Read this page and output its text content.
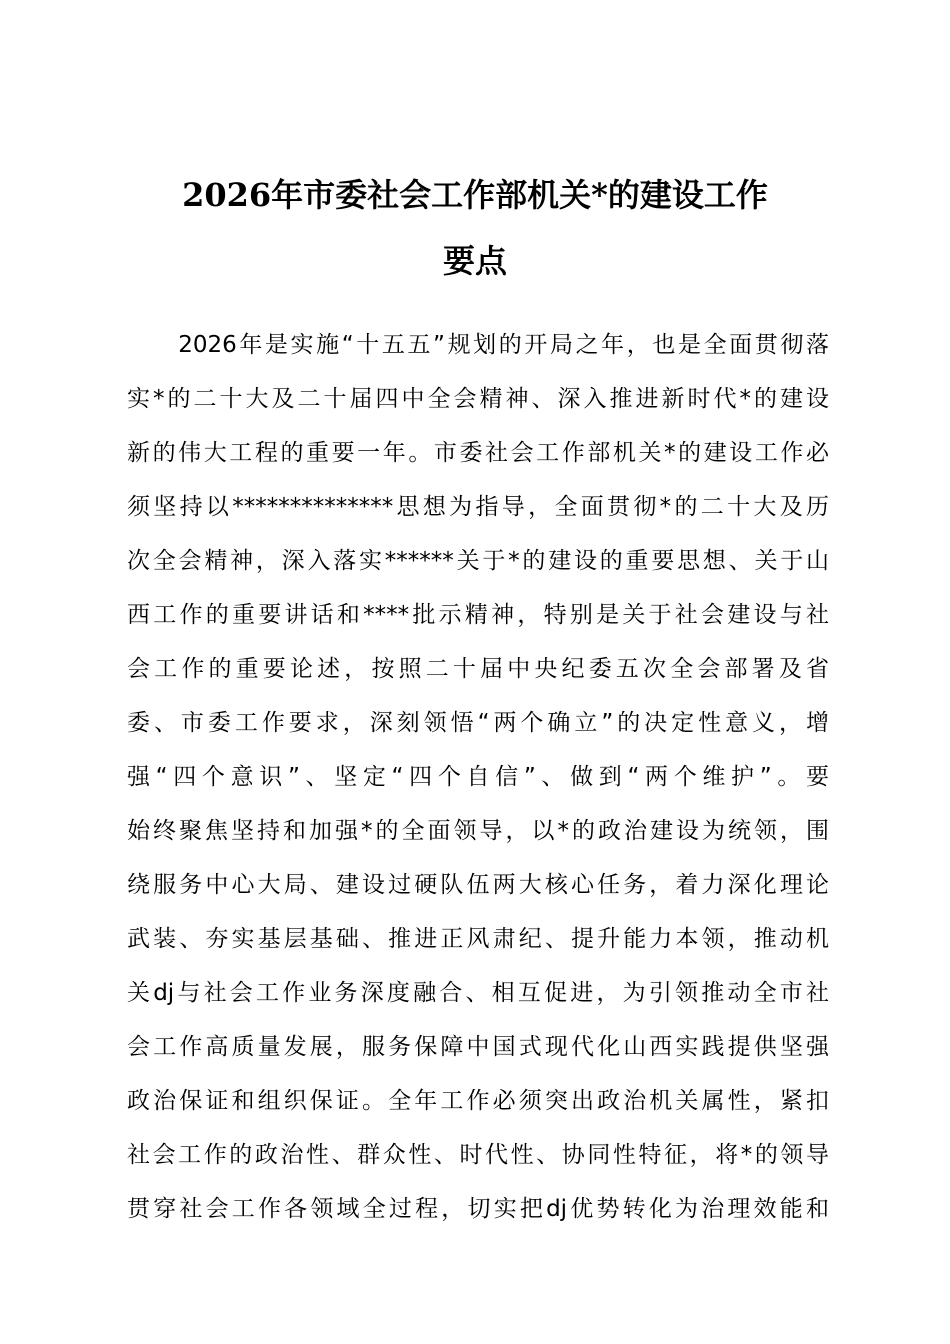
2026年市委社会工作部机关*的建设工作
要点
　　2026年是实施“十五五”规划的开局之年，也是全面贯彻落
实*的二十大及二十届四中全会精神、深入推进新时代*的建设
新的伟大工程的重要一年。市委社会工作部机关*的建设工作必
须坚持以**************思想为指导，全面贯彻*的二十大及历
次全会精神，深入落实******关于*的建设的重要思想、关于山
西工作的重要讲话和****批示精神，特别是关于社会建设与社
会工作的重要论述，按照二十届中央纪委五次全会部署及省
委、市委工作要求，深刻领悟“两个确立”的决定性意义，增
强“四个意识”、坚定“四个自信”、做到“两个维护”。要
始终聚焦坚持和加强*的全面领导，以*的政治建设为统领，围
绕服务中心大局、建设过硬队伍两大核心任务，着力深化理论
武装、夯实基层基础、推进正风肃纪、提升能力本领，推动机
关dj与社会工作业务深度融合、相互促进，为引领推动全市社
会工作高质量发展，服务保障中国式现代化山西实践提供坚强
政治保证和组织保证。全年工作必须突出政治机关属性，紧扣
社会工作的政治性、群众性、时代性、协同性特征，将*的领导
贯穿社会工作各领域全过程，切实把dj优势转化为治理效能和
